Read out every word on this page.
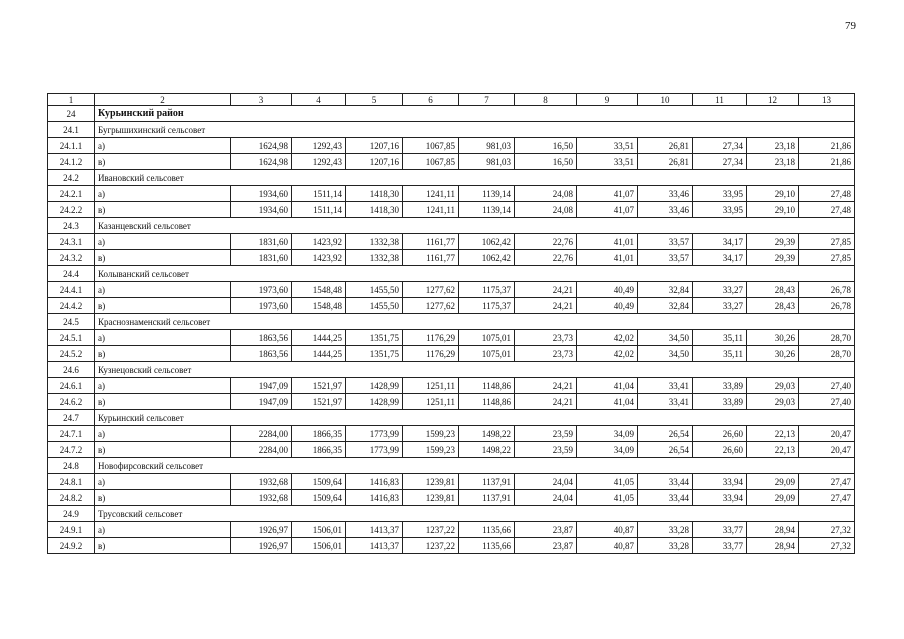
79
1	2	3	4	5	6	7	8	9	10	11	12	13
24	Курьинский район											
24.1	Бугрышихинский сельсовет											
24.1.1	а)	1624,98	1292,43	1207,16	1067,85	981,03	16,50	33,51	26,81	27,34	23,18	21,86
24.1.2	в)	1624,98	1292,43	1207,16	1067,85	981,03	16,50	33,51	26,81	27,34	23,18	21,86
24.2	Ивановский сельсовет											
24.2.1	а)	1934,60	1511,14	1418,30	1241,11	1139,14	24,08	41,07	33,46	33,95	29,10	27,48
24.2.2	в)	1934,60	1511,14	1418,30	1241,11	1139,14	24,08	41,07	33,46	33,95	29,10	27,48
24.3	Казанцевский сельсовет											
24.3.1	а)	1831,60	1423,92	1332,38	1161,77	1062,42	22,76	41,01	33,57	34,17	29,39	27,85
24.3.2	в)	1831,60	1423,92	1332,38	1161,77	1062,42	22,76	41,01	33,57	34,17	29,39	27,85
24.4	Колыванский сельсовет											
24.4.1	а)	1973,60	1548,48	1455,50	1277,62	1175,37	24,21	40,49	32,84	33,27	28,43	26,78
24.4.2	в)	1973,60	1548,48	1455,50	1277,62	1175,37	24,21	40,49	32,84	33,27	28,43	26,78
24.5	Краснознаменский сельсовет											
24.5.1	а)	1863,56	1444,25	1351,75	1176,29	1075,01	23,73	42,02	34,50	35,11	30,26	28,70
24.5.2	в)	1863,56	1444,25	1351,75	1176,29	1075,01	23,73	42,02	34,50	35,11	30,26	28,70
24.6	Кузнецовский сельсовет											
24.6.1	а)	1947,09	1521,97	1428,99	1251,11	1148,86	24,21	41,04	33,41	33,89	29,03	27,40
24.6.2	в)	1947,09	1521,97	1428,99	1251,11	1148,86	24,21	41,04	33,41	33,89	29,03	27,40
24.7	Курьинский сельсовет											
24.7.1	а)	2284,00	1866,35	1773,99	1599,23	1498,22	23,59	34,09	26,54	26,60	22,13	20,47
24.7.2	в)	2284,00	1866,35	1773,99	1599,23	1498,22	23,59	34,09	26,54	26,60	22,13	20,47
24.8	Новофирсовский сельсовет											
24.8.1	а)	1932,68	1509,64	1416,83	1239,81	1137,91	24,04	41,05	33,44	33,94	29,09	27,47
24.8.2	в)	1932,68	1509,64	1416,83	1239,81	1137,91	24,04	41,05	33,44	33,94	29,09	27,47
24.9	Трусовский сельсовет											
24.9.1	а)	1926,97	1506,01	1413,37	1237,22	1135,66	23,87	40,87	33,28	33,77	28,94	27,32
24.9.2	в)	1926,97	1506,01	1413,37	1237,22	1135,66	23,87	40,87	33,28	33,77	28,94	27,32
